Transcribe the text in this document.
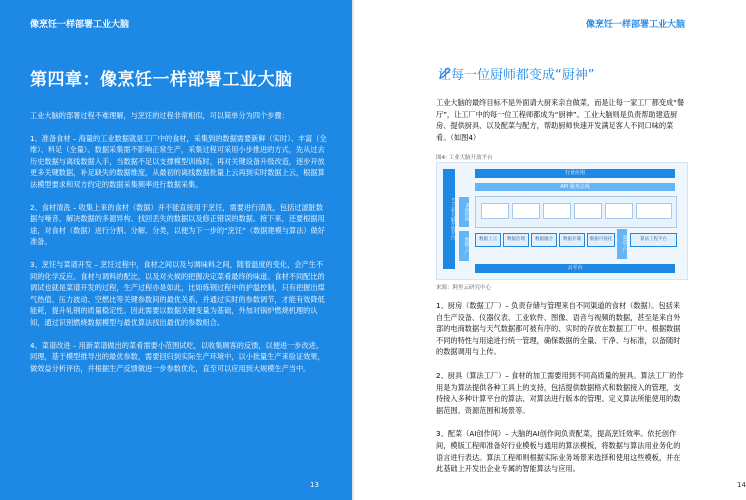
像烹饪一样部署工业大脑
第四章：像烹饪一样部署工业大脑

工业大脑的部署过程不难理解，与烹饪的过程非常相似，可以简单分为四个步骤：

1、准备食材 – 海量的工业数据就是工厂中的食材，采集到的数据需要新鲜（实时）、丰富（全维）、料足（全量）。数据采集需不影响正常生产，采集过程可采用小步推进的方式，先从过去历史数据与离线数据入手，当数据不足以支撑模型训练时，再对关键设备升级改造，逐步开放更多关键数据，补足缺失的数据维度，从最初的离线数据批量上云再到实时数据上云，根据算法模型要求和双方约定的数据采集频率进行数据采集。

2、食材清洗 – 收集上来的食材（数据）并不能直接用于烹饪，需要进行清洗，包括过滤脏数据与噪音、解决数据的多源异构、找回丢失的数据以及修正错误的数据。接下来，还要根据用途，对食材（数据）进行分割、分解、分类，以便为下一步的“烹饪”（数据建模与算法）做好准备。

3、烹饪与菜谱开发 – 烹饪过程中，食材之间以及与调味料之间，随着温度的变化，会产生不同的化学反应。食材与调料的配比，以及对火候的把握决定菜肴最终的味道。食材不同配比的调试也就是菜谱开发的过程，生产过程亦是如此，比如炼钢过程中的护温控制，只有把握出煤气热值、压力波动、空燃比等关键参数间的最优关系，并通过实时的参数调节，才能有效降低能耗，提升轧钢的质量稳定性。因此需要以数据关键变量为基础，外加对锅炉燃烧机理的认知，通过识别燃烧数据模型与最优算法找出最优的参数组合。

4、菜谱改进 – 用新菜谱做出的菜肴需要小范围试吃，以收集顾客的反馈，以便进一步改进。同理，基于模型推导出的最优参数，需要回归到实际生产环境中，以小批量生产来验证效果，做效益分析评估，并根据生产反馈做进一步参数优化，直至可以应用到大规模生产当中。

13
像烹饪一样部署工业大脑
让每一位厨师都变成“厨神”
14
工业大脑的最终目标不是外面请大厨来亲自做菜，而是让每一家工厂都变成“餐厅”，让工厂中的每一位工程师都成为“厨神”。工业大脑则是负责帮助建造厨房、提供厨具、以及配菜与配方，帮助厨师快速开发满足客人不同口味的菜肴。（如图4）
图4: 工业大脑开放平台
行业应用
API 服务总线
ET工业大脑开放平台	AI创作间
数据工厂	数据上云	数据治理	数据融合	数据存储	数据可视化	算法工厂	算法工程平台
云平台
来源：阿里云研究中心

1、厨房（数据工厂）– 负责存储与管理来自不同渠道的食材（数据）。包括来自生产设备、仪器仪表、工业软件、图像、语音与视频的数据，甚至是来自外部的电商数据与天气数据都可被有序的、实时的存放在数据工厂中。根据数据不同的特性与用途进行统一管理，确保数据的全量、干净、与标准，以备随时的数据调用与上传。

2、厨具（算法工厂）– 食材的加工需要用到不同高质量的厨具。算法工厂的作用是为算法提供各种工具上的支持，包括提供数据格式和数据接入的管理，支持接入多种计算平台的算法、对算法进行版本的管理、定义算法所能使用的数据范围、资源范围和场景等。

3、配菜（AI创作间）– 大脑的AI创作间负责配菜，提高烹饪效率。依托创作间，模版工程师准备好行业模板与通用的算法模板，将数据与算法用业务化的语言进行表达。算法工程师则根据实际业务场景来选择和使用这些模板，并在此基础上开发出企业专属的智能算法与应用。
